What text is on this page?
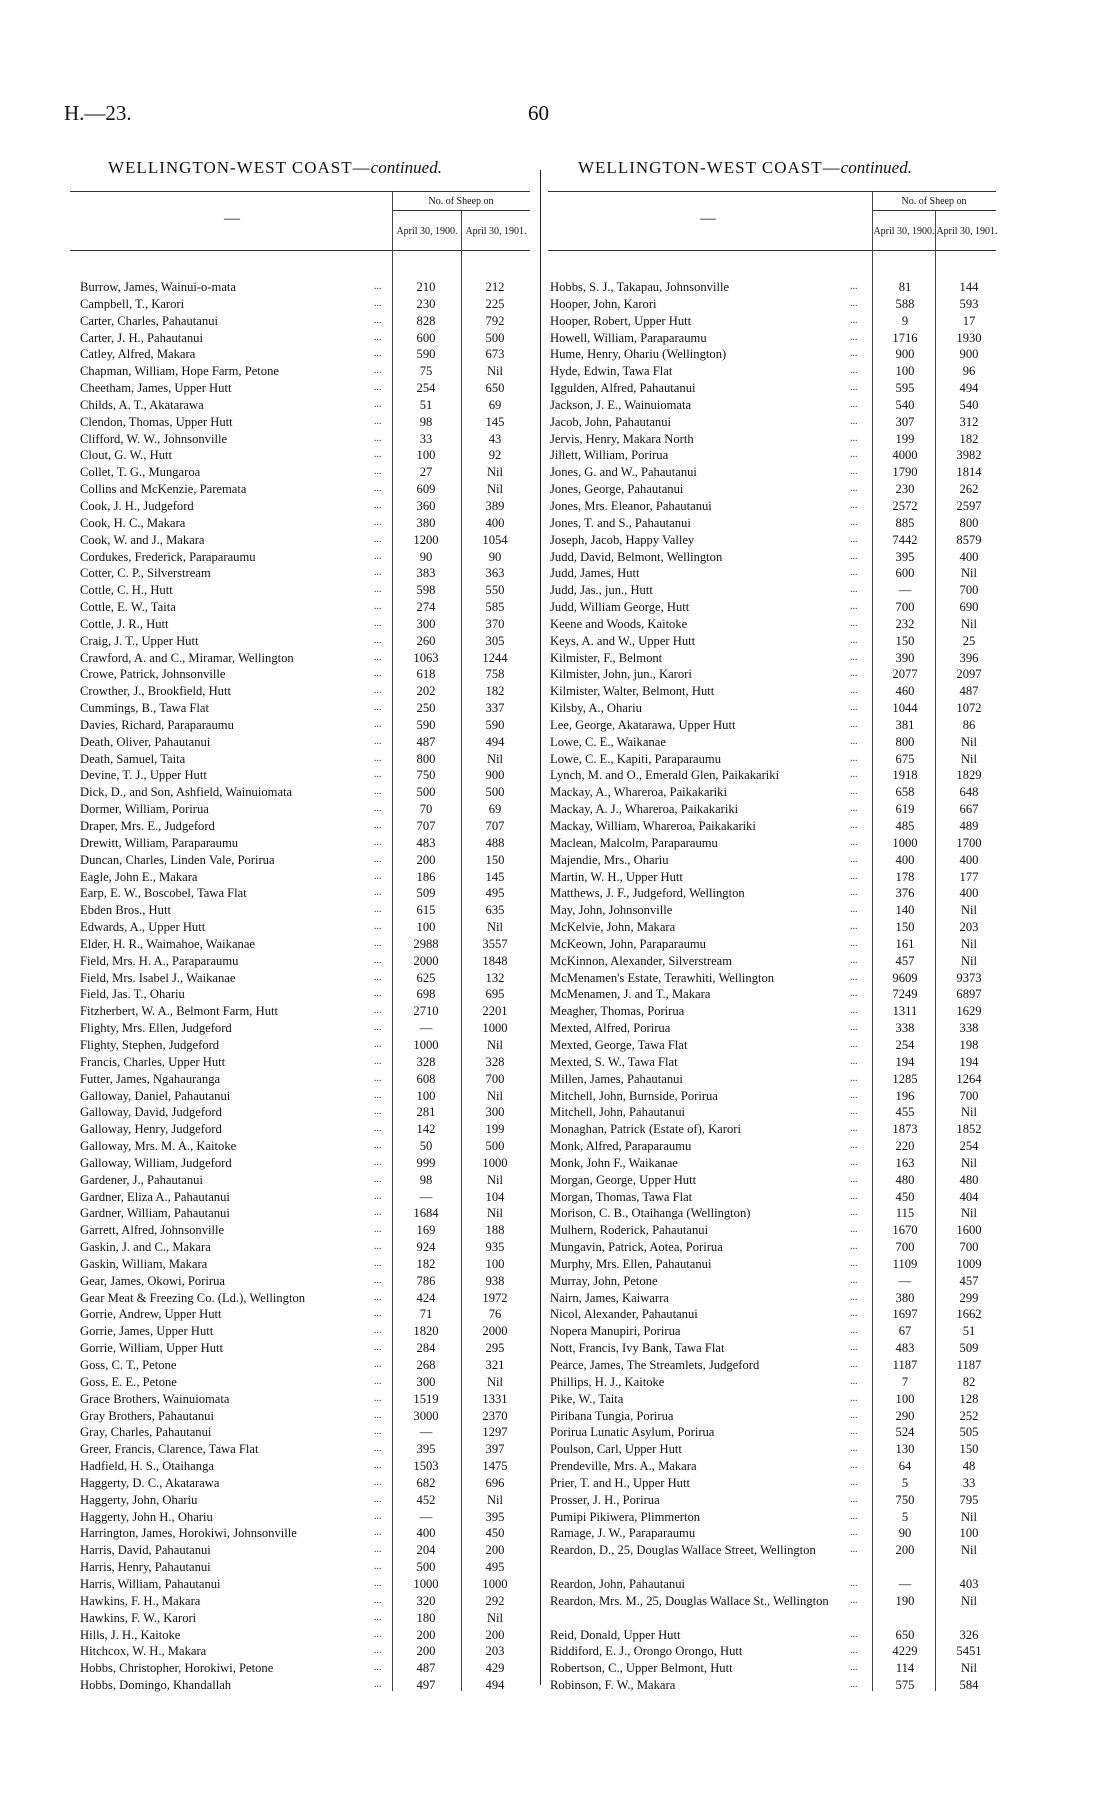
H.—23.	60
WELLINGTON-WEST COAST—continued.	WELLINGTON-WEST COAST—continued.
—
No. of Sheep on
April 30, 1900. April 30, 1901.
—
No. of Sheep on
April 30, 1900. April 30, 1901.
Burrow, James, Wainui-o-mata	...	210	212
Campbell, T., Karori	...	230	225
Carter, Charles, Pahautanui	...	828	792
Carter, J. H., Pahautanui	...	600	500
Catley, Alfred, Makara	...	590	673
Chapman, William, Hope Farm, Petone	...	75	Nil
Cheetham, James, Upper Hutt	...	254	650
Childs, A. T., Akatarawa	...	51	69
Clendon, Thomas, Upper Hutt	...	98	145
Clifford, W. W., Johnsonville	...	33	43
Clout, G. W., Hutt	...	100	92
Collet, T. G., Mungaroa	...	27	Nil
Collins and McKenzie, Paremata	...	609	Nil
Cook, J. H., Judgeford	...	360	389
Cook, H. C., Makara	...	380	400
Cook, W. and J., Makara	...	1200	1054
Cordukes, Frederick, Paraparaumu	...	90	90
Cotter, C. P., Silverstream	...	383	363
Cottle, C. H., Hutt	...	598	550
Cottle, E. W., Taita	...	274	585
Cottle, J. R., Hutt	...	300	370
Craig, J. T., Upper Hutt	...	260	305
Crawford, A. and C., Miramar, Wellington	...	1063	1244
Crowe, Patrick, Johnsonville	...	618	758
Crowther, J., Brookfield, Hutt	...	202	182
Cummings, B., Tawa Flat	...	250	337
Davies, Richard, Paraparaumu	...	590	590
Death, Oliver, Pahautanui	...	487	494
Death, Samuel, Taita	...	800	Nil
Devine, T. J., Upper Hutt	...	750	900
Dick, D., and Son, Ashfield, Wainuiomata	...	500	500
Dormer, William, Porirua	...	70	69
Draper, Mrs. E., Judgeford	...	707	707
Drewitt, William, Paraparaumu	...	483	488
Duncan, Charles, Linden Vale, Porirua	...	200	150
Eagle, John E., Makara	...	186	145
Earp, E. W., Boscobel, Tawa Flat	...	509	495
Ebden Bros., Hutt	...	615	635
Edwards, A., Upper Hutt	...	100	Nil
Elder, H. R., Waimahoe, Waikanae	...	2988	3557
Field, Mrs. H. A., Paraparaumu	...	2000	1848
Field, Mrs. Isabel J., Waikanae	...	625	132
Field, Jas. T., Ohariu	...	698	695
Fitzherbert, W. A., Belmont Farm, Hutt	...	2710	2201
Flighty, Mrs. Ellen, Judgeford	...	—	1000
Flighty, Stephen, Judgeford	...	1000	Nil
Francis, Charles, Upper Hutt	...	328	328
Futter, James, Ngahauranga	...	608	700
Galloway, Daniel, Pahautanui	...	100	Nil
Galloway, David, Judgeford	...	281	300
Galloway, Henry, Judgeford	...	142	199
Galloway, Mrs. M. A., Kaitoke	...	50	500
Galloway, William, Judgeford	...	999	1000
Gardener, J., Pahautanui	...	98	Nil
Gardner, Eliza A., Pahautanui	...	—	104
Gardner, William, Pahautanui	...	1684	Nil
Garrett, Alfred, Johnsonville	...	169	188
Gaskin, J. and C., Makara	...	924	935
Gaskin, William, Makara	...	182	100
Gear, James, Okowi, Porirua	...	786	938
Gear Meat & Freezing Co. (Ld.), Wellington	...	424	1972
Gorrie, Andrew, Upper Hutt	...	71	76
Gorrie, James, Upper Hutt	...	1820	2000
Gorrie, William, Upper Hutt	...	284	295
Goss, C. T., Petone	...	268	321
Goss, E. E., Petone	...	300	Nil
Grace Brothers, Wainuiomata	...	1519	1331
Gray Brothers, Pahautanui	...	3000	2370
Gray, Charles, Pahautanui	...	—	1297
Greer, Francis, Clarence, Tawa Flat	...	395	397
Hadfield, H. S., Otaihanga	...	1503	1475
Haggerty, D. C., Akatarawa	...	682	696
Haggerty, John, Ohariu	...	452	Nil
Haggerty, John H., Ohariu	...	—	395
Harrington, James, Horokiwi, Johnsonville	...	400	450
Harris, David, Pahautanui	...	204	200
Harris, Henry, Pahautanui	...	500	495
Harris, William, Pahautanui	...	1000	1000
Hawkins, F. H., Makara	...	320	292
Hawkins, F. W., Karori	...	180	Nil
Hills, J. H., Kaitoke	...	200	200
Hitchcox, W. H., Makara	...	200	203
Hobbs, Christopher, Horokiwi, Petone	...	487	429
Hobbs, Domingo, Khandallah	...	497	494
Hobbs, S. J., Takapau, Johnsonville	...	81	144
Hooper, John, Karori	...	588	593
Hooper, Robert, Upper Hutt	...	9	17
Howell, William, Paraparaumu	...	1716	1930
Hume, Henry, Ohariu (Wellington)	...	900	900
Hyde, Edwin, Tawa Flat	...	100	96
Iggulden, Alfred, Pahautanui	...	595	494
Jackson, J. E., Wainuiomata	...	540	540
Jacob, John, Pahautanui	...	307	312
Jervis, Henry, Makara North	...	199	182
Jillett, William, Porirua	...	4000	3982
Jones, G. and W., Pahautanui	...	1790	1814
Jones, George, Pahautanui	...	230	262
Jones, Mrs. Eleanor, Pahautanui	...	2572	2597
Jones, T. and S., Pahautanui	...	885	800
Joseph, Jacob, Happy Valley	...	7442	8579
Judd, David, Belmont, Wellington	...	395	400
Judd, James, Hutt	...	600	Nil
Judd, Jas., jun., Hutt	...	—	700
Judd, William George, Hutt	...	700	690
Keene and Woods, Kaitoke	...	232	Nil
Keys, A. and W., Upper Hutt	...	150	25
Kilmister, F., Belmont	...	390	396
Kilmister, John, jun., Karori	...	2077	2097
Kilmister, Walter, Belmont, Hutt	...	460	487
Kilsby, A., Ohariu	...	1044	1072
Lee, George, Akatarawa, Upper Hutt	...	381	86
Lowe, C. E., Waikanae	...	800	Nil
Lowe, C. E., Kapiti, Paraparaumu	...	675	Nil
Lynch, M. and O., Emerald Glen, Paikakariki	...	1918	1829
Mackay, A., Whareroa, Paikakariki	...	658	648
Mackay, A. J., Whareroa, Paikakariki	...	619	667
Mackay, William, Whareroa, Paikakariki	...	485	489
Maclean, Malcolm, Paraparaumu	...	1000	1700
Majendie, Mrs., Ohariu	...	400	400
Martin, W. H., Upper Hutt	...	178	177
Matthews, J. F., Judgeford, Wellington	...	376	400
May, John, Johnsonville	...	140	Nil
McKelvie, John, Makara	...	150	203
McKeown, John, Paraparaumu	...	161	Nil
McKinnon, Alexander, Silverstream	...	457	Nil
McMenamen's Estate, Terawhiti, Wellington	...	9609	9373
McMenamen, J. and T., Makara	...	7249	6897
Meagher, Thomas, Porirua	...	1311	1629
Mexted, Alfred, Porirua	...	338	338
Mexted, George, Tawa Flat	...	254	198
Mexted, S. W., Tawa Flat	...	194	194
Millen, James, Pahautanui	...	1285	1264
Mitchell, John, Burnside, Porirua	...	196	700
Mitchell, John, Pahautanui	...	455	Nil
Monaghan, Patrick (Estate of), Karori	...	1873	1852
Monk, Alfred, Paraparaumu	...	220	254
Monk, John F., Waikanae	...	163	Nil
Morgan, George, Upper Hutt	...	480	480
Morgan, Thomas, Tawa Flat	...	450	404
Morison, C. B., Otaihanga (Wellington)	...	115	Nil
Mulhern, Roderick, Pahautanui	...	1670	1600
Mungavin, Patrick, Aotea, Porirua	...	700	700
Murphy, Mrs. Ellen, Pahautanui	...	1109	1009
Murray, John, Petone	...	—	457
Nairn, James, Kaiwarra	...	380	299
Nicol, Alexander, Pahautanui	...	1697	1662
Nopera Manupiri, Porirua	...	67	51
Nott, Francis, Ivy Bank, Tawa Flat	...	483	509
Pearce, James, The Streamlets, Judgeford	...	1187	1187
Phillips, H. J., Kaitoke	...	7	82
Pike, W., Taita	...	100	128
Piribana Tungia, Porirua	...	290	252
Porirua Lunatic Asylum, Porirua	...	524	505
Poulson, Carl, Upper Hutt	...	130	150
Prendeville, Mrs. A., Makara	...	64	48
Prier, T. and H., Upper Hutt	...	5	33
Prosser, J. H., Porirua	...	750	795
Pumipi Pikiwera, Plimmerton	...	5	Nil
Ramage, J. W., Paraparaumu	...	90	100
Reardon, D., 25, Douglas Wallace Street, Wellington	...	200	Nil
Reardon, John, Pahautanui	...	—	403
Reardon, Mrs. M., 25, Douglas Wallace St., Wellington	...	190	Nil
Reid, Donald, Upper Hutt	...	650	326
Riddiford, E. J., Orongo Orongo, Hutt	...	4229	5451
Robertson, C., Upper Belmont, Hutt	...	114	Nil
Robinson, F. W., Makara	...	575	584
